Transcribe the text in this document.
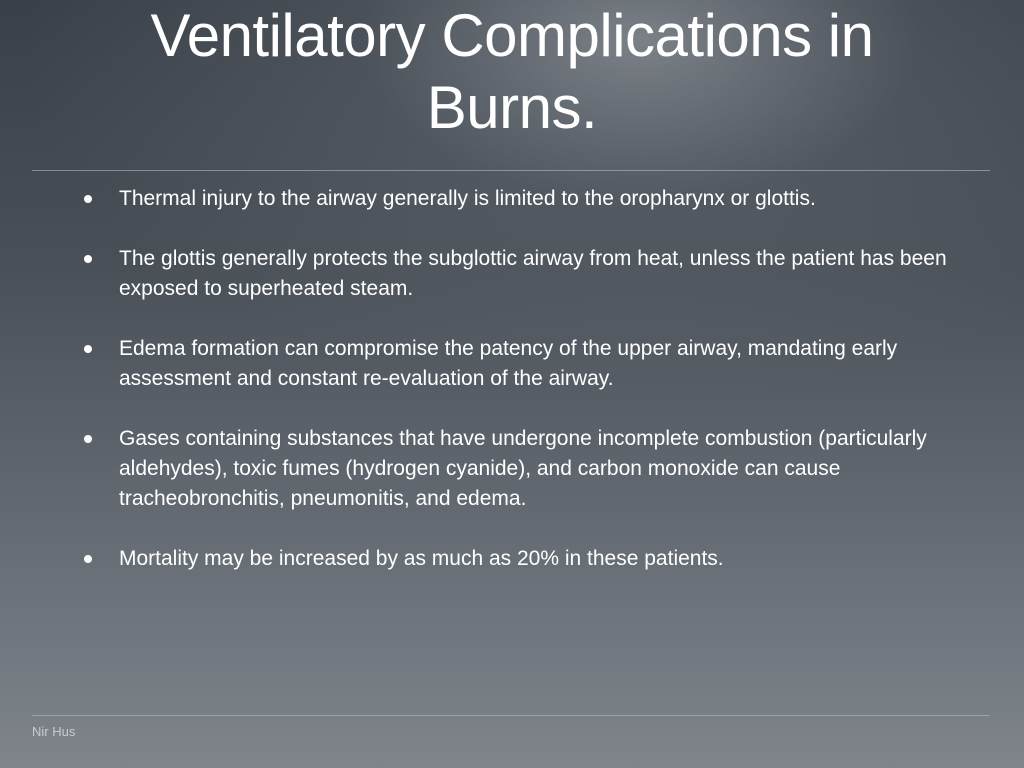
Ventilatory Complications in Burns.
Thermal injury to the airway generally is limited to the oropharynx or glottis.
The glottis generally protects the subglottic airway from heat, unless the patient has been exposed to superheated steam.
Edema formation can compromise the patency of the upper airway, mandating early assessment and constant re-evaluation of the airway.
Gases containing substances that have undergone incomplete combustion (particularly aldehydes), toxic fumes (hydrogen cyanide), and carbon monoxide can cause tracheobronchitis, pneumonitis, and edema.
Mortality may be increased by as much as 20% in these patients.
Nir Hus
